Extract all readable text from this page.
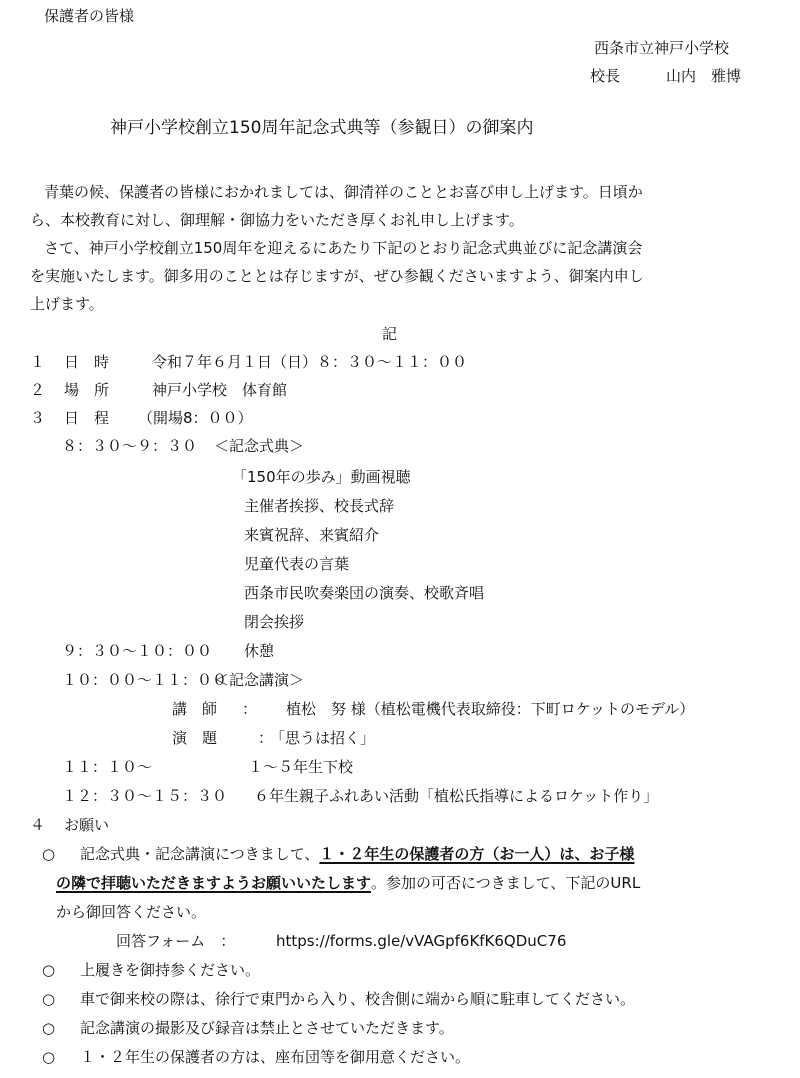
保護者の皆様
西条市立神戸小学校
校長	山内　雅博
神戸小学校創立150周年記念式典等（参観日）の御案内
青葉の候、保護者の皆様におかれましては、御清祥のこととお喜び申し上げます。日頃か
ら、本校教育に対し、御理解・御協力をいただき厚くお礼申し上げます。
さて、神戸小学校創立150周年を迎えるにあたり下記のとおり記念式典並びに記念講演会
を実施いたします。御多用のこととは存じますが、ぜひ参観くださいますよう、御案内申し
上げます。
記
１ 日　時	令和７年６月１日（日）８：３０～１１：００
２ 場　所	神戸小学校　体育館
３ 日　程 （開場8：００）
８：３０～９：３０ ＜記念式典＞
「150年の歩み」動画視聴
主催者挨拶、校長式辞
来賓祝辞、来賓紹介
児童代表の言葉
西条市民吹奏楽団の演奏、校歌斉唱
閉会挨拶
９：３０～１０：００ 休憩
１０：００～１１：００
＜記念講演＞
講　師 ： 植松　努 様（植松電機代表取締役：下町ロケットのモデル）
演　題	：
「思うは招く」
１１：１０～	１～５年生下校
１２：３０～１５：３０ ６年生親子ふれあい活動「植松氏指導によるロケット作り」
４ お願い
○ 記念式典・記念講演につきまして、１・２年生の保護者の方（お一人）は、お子様
の隣で拝聴いただきますようお願いいたします。参加の可否につきまして、下記のURL
から御回答ください。
回答フォーム　：	https://forms.gle/vVAGpf6KfK6QDuC76
○ 上履きを御持参ください。
○ 車で御来校の際は、徐行で東門から入り、校舎側に端から順に駐車してください。
○ 記念講演の撮影及び録音は禁止とさせていただきます。
○ １・２年生の保護者の方は、座布団等を御用意ください。
